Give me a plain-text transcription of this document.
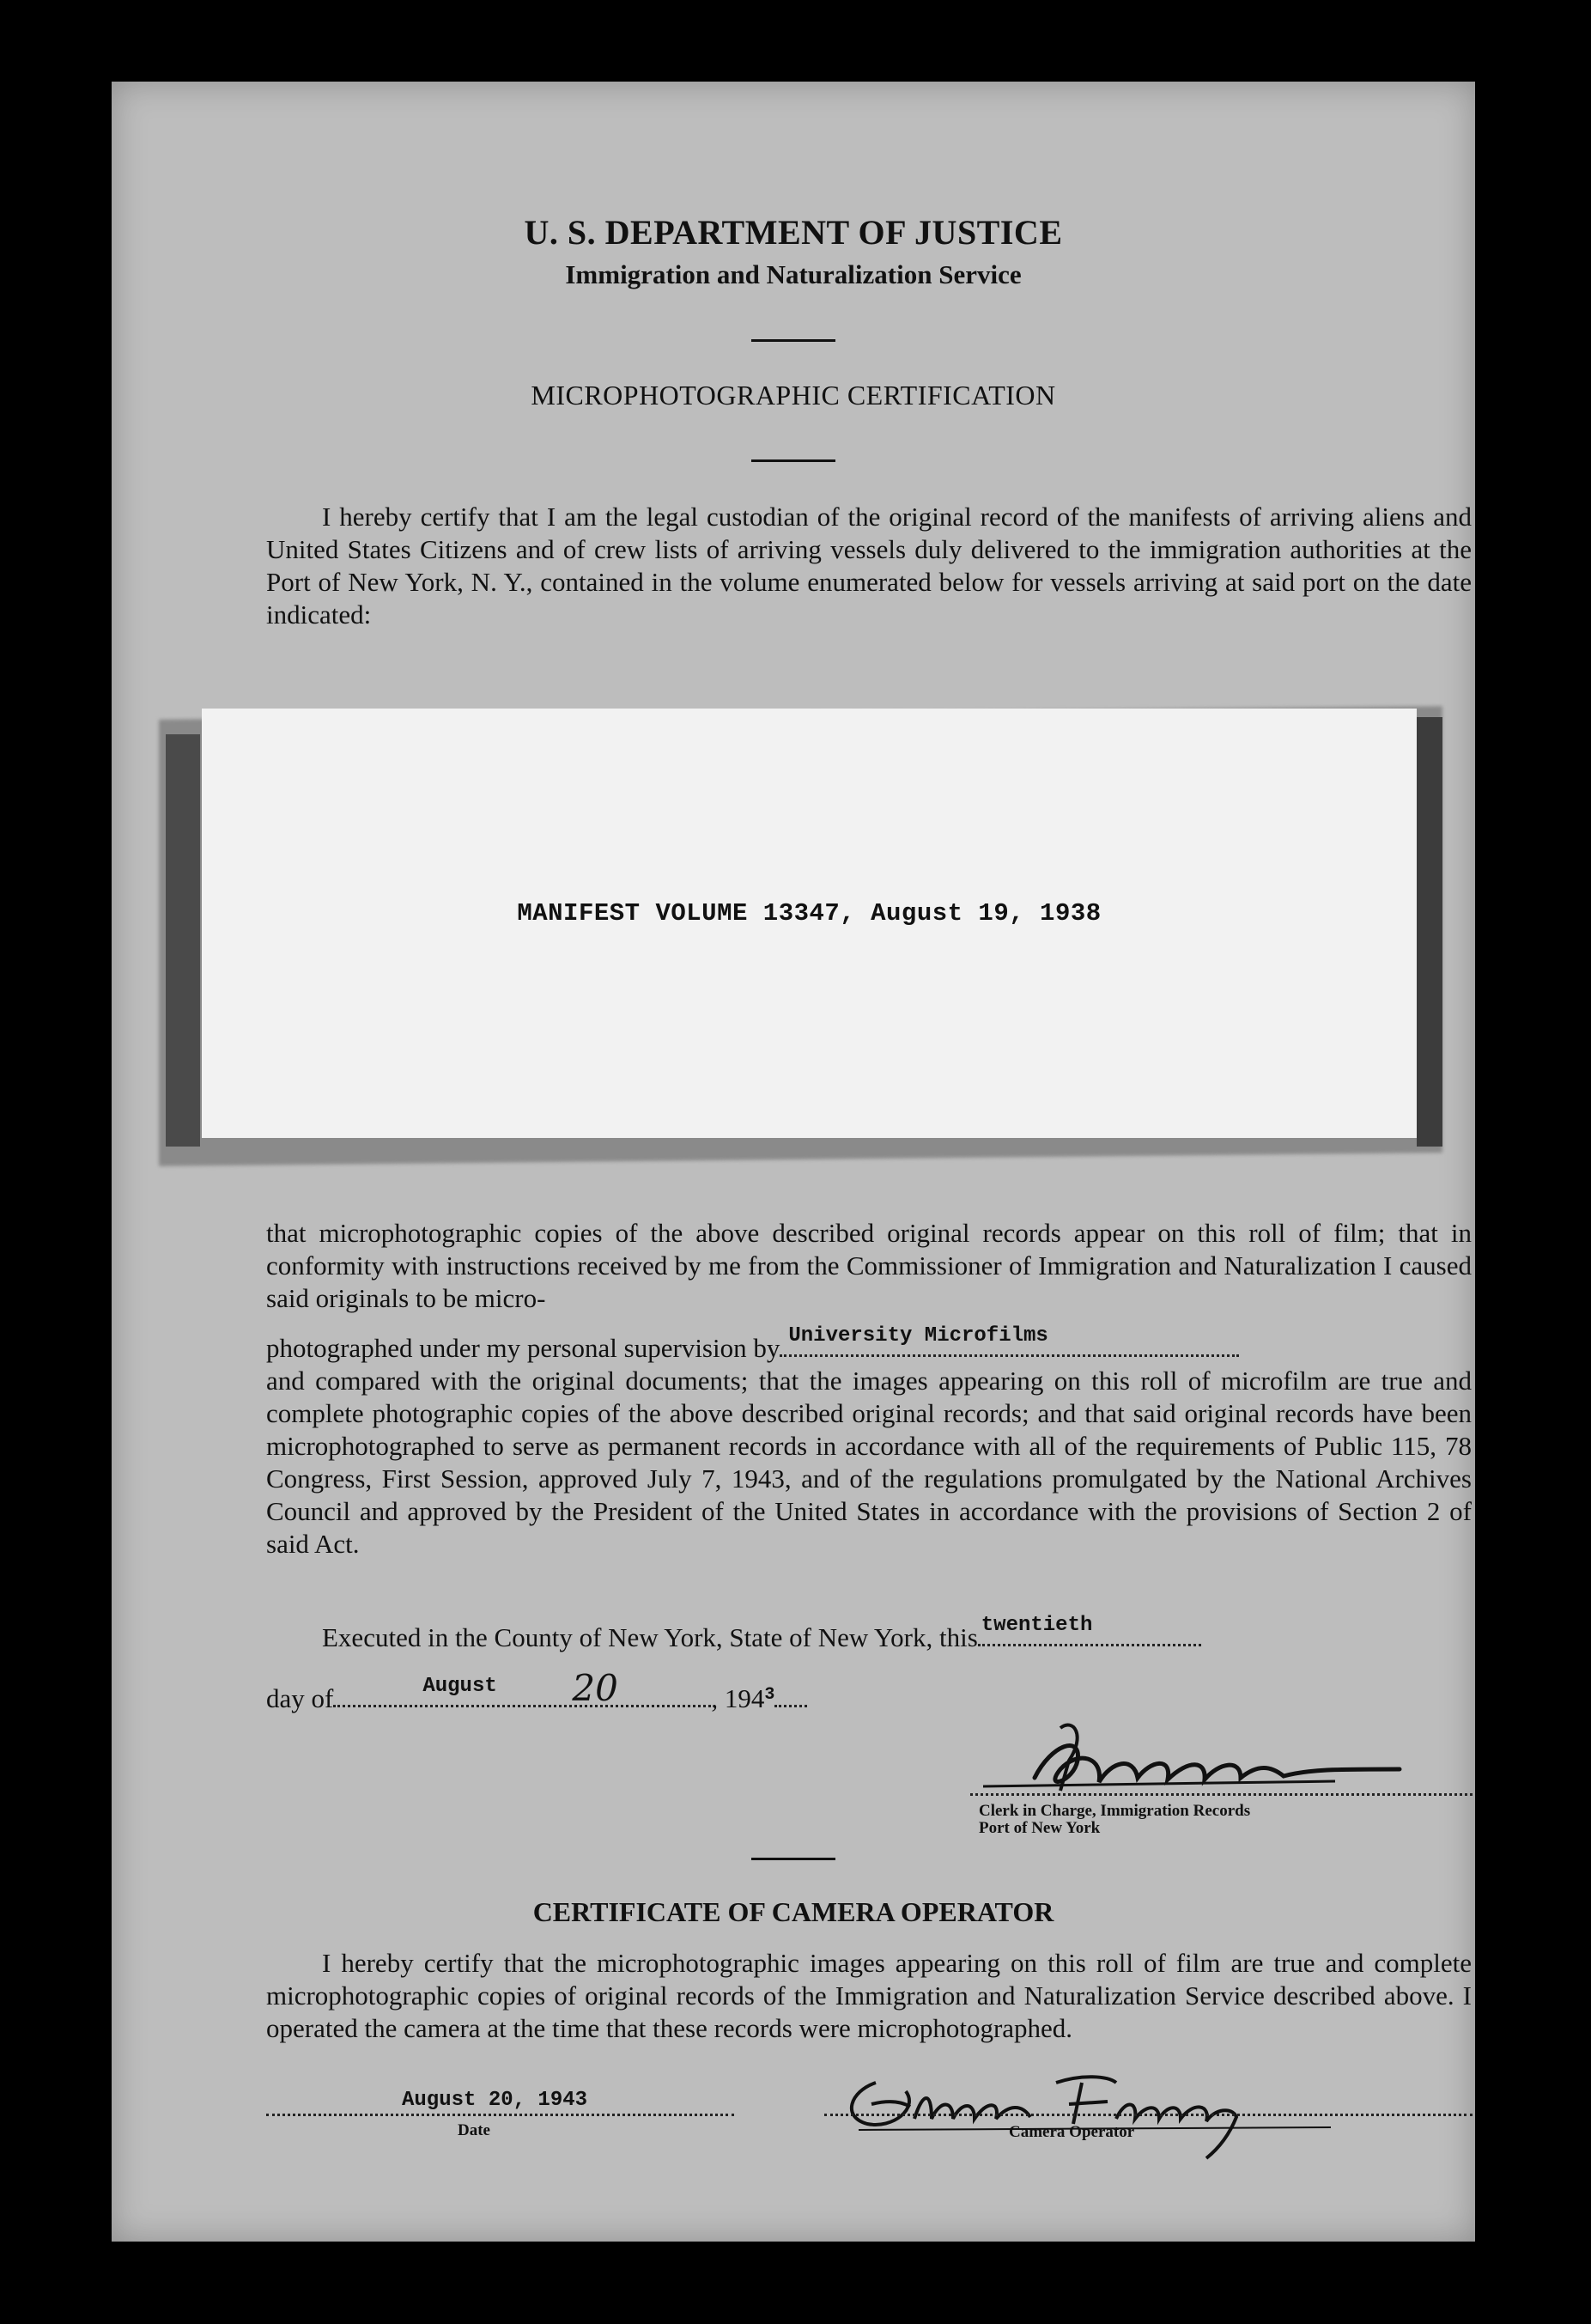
U. S. DEPARTMENT OF JUSTICE
Immigration and Naturalization Service
MICROPHOTOGRAPHIC CERTIFICATION

I hereby certify that I am the legal custodian of the original record of the manifests of arriving aliens and United States Citizens and of crew lists of arriving vessels duly delivered to the immigration authorities at the Port of New York, N. Y., contained in the volume enumerated below for vessels arriving at said port on the date indicated:

MANIFEST VOLUME 13347, August 19, 1938

that microphotographic copies of the above described original records appear on this roll of film; that in conformity with instructions received by me from the Commissioner of Immigration and Naturalization I caused said originals to be micro-

photographed under my personal supervision by University Microfilms

and compared with the original documents; that the images appearing on this roll of microfilm are true and complete photographic copies of the above described original records; and that said original records have been microphotographed to serve as permanent records in accordance with all of the requirements of Public 115, 78 Congress, First Session, approved July 7, 1943, and of the regulations promulgated by the National Archives Council and approved by the President of the United States in accordance with the provisions of Section 2 of said Act.

Executed in the County of New York, State of New York, this twentieth
day of	August 20	, $194^3$
Clerk in Charge, Immigration Records
Port of New York
CERTIFICATE OF CAMERA OPERATOR

I hereby certify that the microphotographic images appearing on this roll of film are true and complete microphotographic copies of original records of the Immigration and Naturalization Service described above. I operated the camera at the time that these records were microphotographed.

August 20, 1943
Date	Camera Operator
